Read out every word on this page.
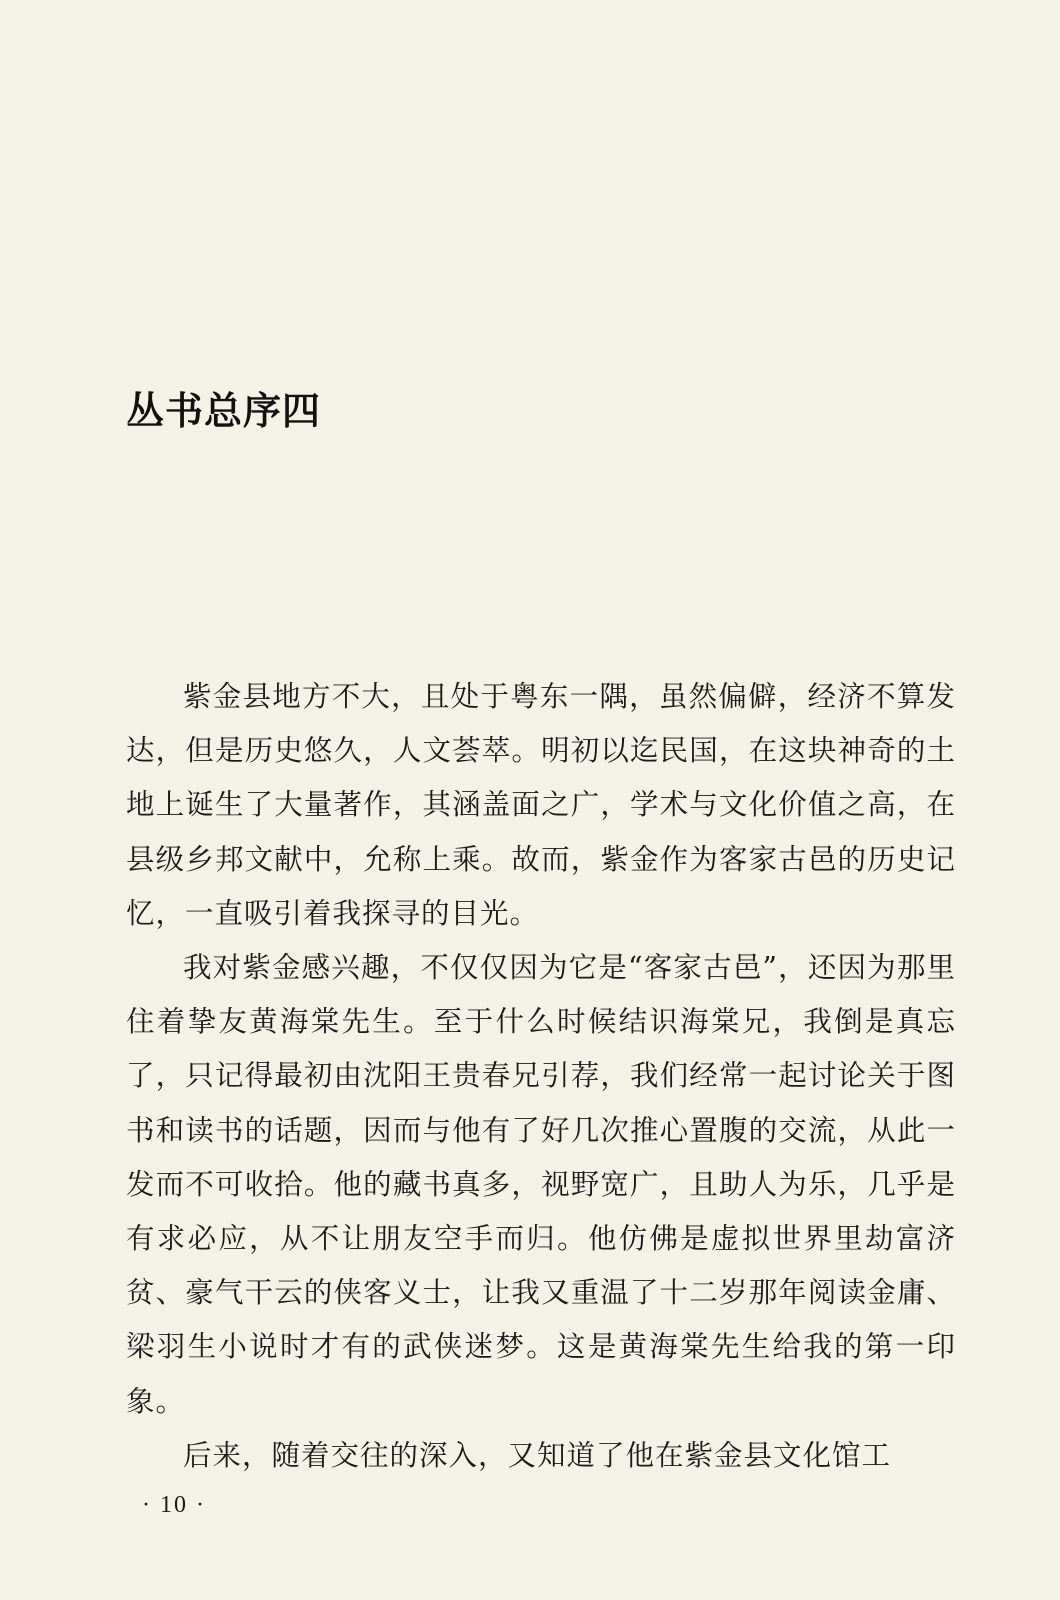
丛书总序四

紫金县地方不大，且处于粤东一隅，虽然偏僻，经济不算发达，但是历史悠久，人文荟萃。明初以迄民国，在这块神奇的土地上诞生了大量著作，其涵盖面之广，学术与文化价值之高，在县级乡邦文献中，允称上乘。故而，紫金作为客家古邑的历史记忆，一直吸引着我探寻的目光。

我对紫金感兴趣，不仅仅因为它是“客家古邑”，还因为那里住着挚友黄海棠先生。至于什么时候结识海棠兄，我倒是真忘了，只记得最初由沈阳王贵春兄引荐，我们经常一起讨论关于图书和读书的话题，因而与他有了好几次推心置腹的交流，从此一发而不可收拾。他的藏书真多，视野宽广，且助人为乐，几乎是有求必应，从不让朋友空手而归。他仿佛是虚拟世界里劫富济贫、豪气干云的侠客义士，让我又重温了十二岁那年阅读金庸、梁羽生小说时才有的武侠迷梦。这是黄海棠先生给我的第一印象。

后来，随着交往的深入，又知道了他在紫金县文化馆工

· 10 ·
